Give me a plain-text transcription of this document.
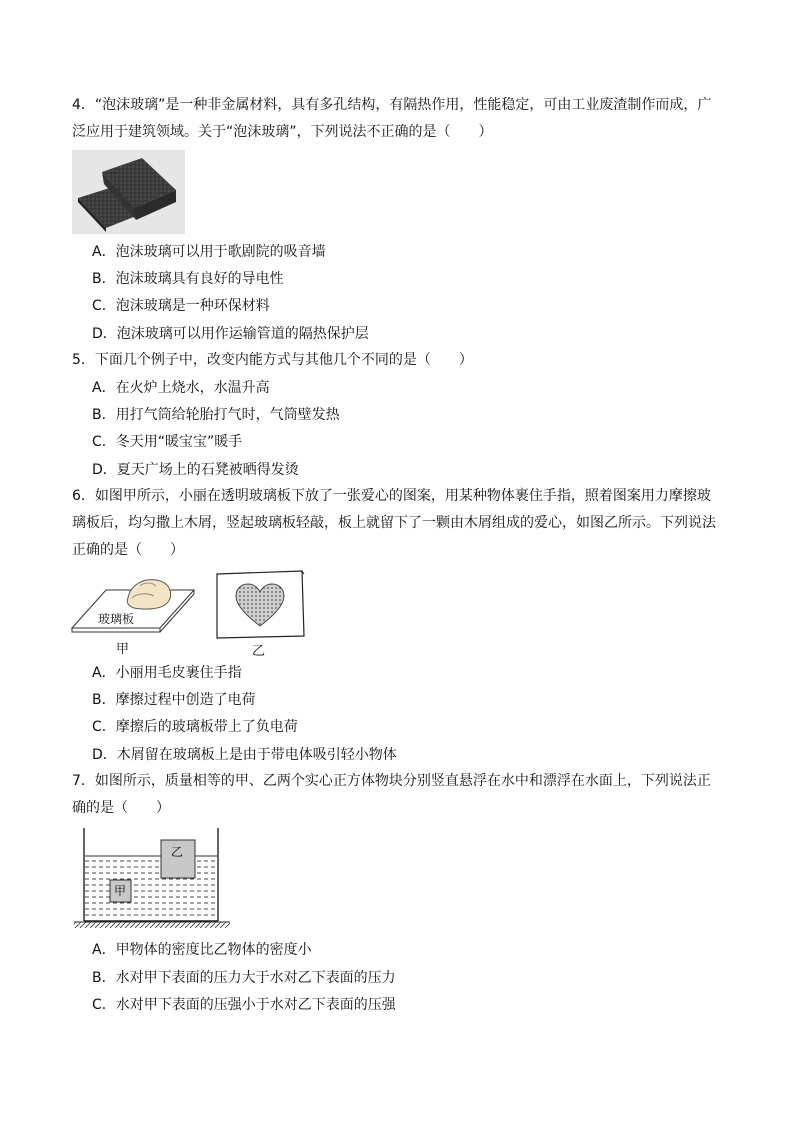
4．“泡沫玻璃”是一种非金属材料，具有多孔结构，有隔热作用，性能稳定，可由工业废渣制作而成，广泛应用于建筑领域。关于“泡沫玻璃”，下列说法不正确的是（　　）
A．泡沫玻璃可以用于歌剧院的吸音墙
B．泡沫玻璃具有良好的导电性
C．泡沫玻璃是一种环保材料
D．泡沫玻璃可以用作运输管道的隔热保护层
5．下面几个例子中，改变内能方式与其他几个不同的是（　　）
A．在火炉上烧水，水温升高
B．用打气筒给轮胎打气时，气筒壁发热
C．冬天用“暖宝宝”暖手
D．夏天广场上的石凳被晒得发烫
6．如图甲所示，小丽在透明玻璃板下放了一张爱心的图案，用某种物体裹住手指，照着图案用力摩擦玻璃板后，均匀撒上木屑，竖起玻璃板轻敲，板上就留下了一颗由木屑组成的爱心，如图乙所示。下列说法正确的是（　　）
玻璃板
甲	乙
A．小丽用毛皮裹住手指
B．摩擦过程中创造了电荷
C．摩擦后的玻璃板带上了负电荷
D．木屑留在玻璃板上是由于带电体吸引轻小物体
7．如图所示，质量相等的甲、乙两个实心正方体物块分别竖直悬浮在水中和漂浮在水面上，下列说法正确的是（　　）
乙
甲
A．甲物体的密度比乙物体的密度小
B．水对甲下表面的压力大于水对乙下表面的压力
C．水对甲下表面的压强小于水对乙下表面的压强
